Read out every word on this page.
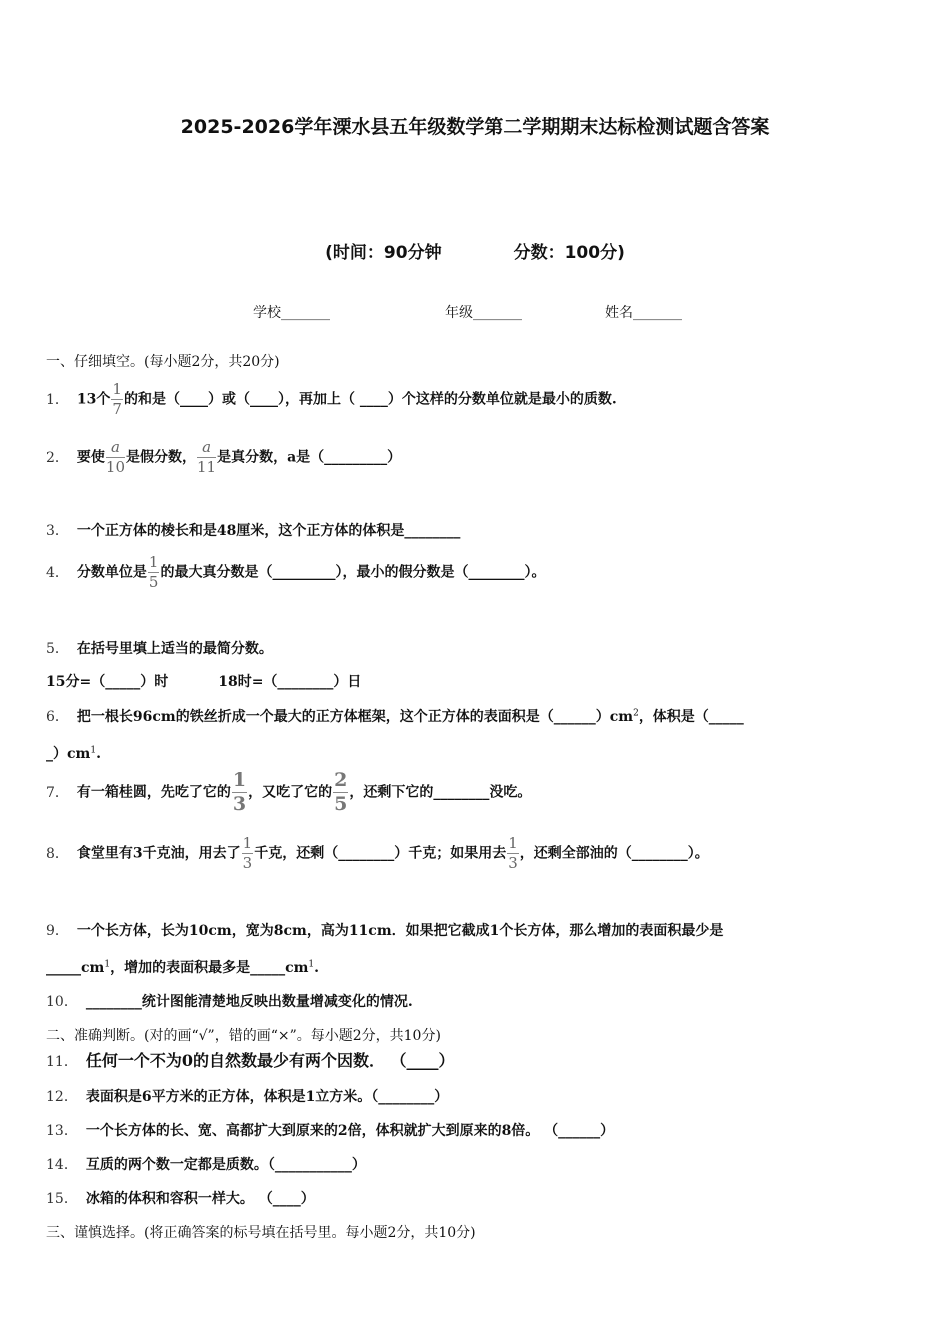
2025-2026学年溧水县五年级数学第二学期期末达标检测试题含答案
(时间：90分钟	分数：100分)
学校_______	年级_______	姓名_______
一、仔细填空。(每小题2分，共20分)
1． 13个 $\frac{1}{7}$ 的和是（____）或（____），再加上（ ____）个这样的分数单位就是最小的质数.
2． 要使 $\frac{a}{10}$ 是假分数， $\frac{a}{11}$ 是真分数，a是（_________）
3． 一个正方体的棱长和是48厘米，这个正方体的体积是________
4． 分数单位是 $\frac{1}{5}$ 的最大真分数是（_________），最小的假分数是（________）。
5． 在括号里填上适当的最简分数。
15分=（_____）时	18时=（________）日
6． 把一根长96cm的铁丝折成一个最大的正方体框架，这个正方体的表面积是$(\_\_\_\_\_\_)cm^2$，体积是（_____
$\_)cm^1$.
7． 有一箱桂圆，先吃了它的 $\frac{1}{3}$ ，又吃了它的 $\frac{2}{5}$ ，还剩下它的________没吃。
8． 食堂里有3千克油，用去了 $\frac{1}{3}$ 千克，还剩（________）千克；如果用去 $\frac{1}{3}$ ，还剩全部油的（________）。
9． 一个长方体，长为10cm，宽为8cm，高为11cm．如果把它截成1个长方体，那么增加的表面积最少是
$\_\_\_\_\_cm^1$，增加的表面积最多是$\_\_\_\_\_cm^1$.
10． ________统计图能清楚地反映出数量增减变化的情况.
二、准确判断。(对的画“√”，错的画“×”。每小题2分，共10分)
11． 任何一个不为0的自然数最少有两个因数． （____）
12． 表面积是6平方米的正方体，体积是1立方米。（________）
13． 一个长方体的长、宽、高都扩大到原来的2倍，体积就扩大到原来的8倍。 （______）
14． 互质的两个数一定都是质数。（___________）
15． 冰箱的体积和容积一样大。 （____）
三、谨慎选择。(将正确答案的标号填在括号里。每小题2分，共10分)
